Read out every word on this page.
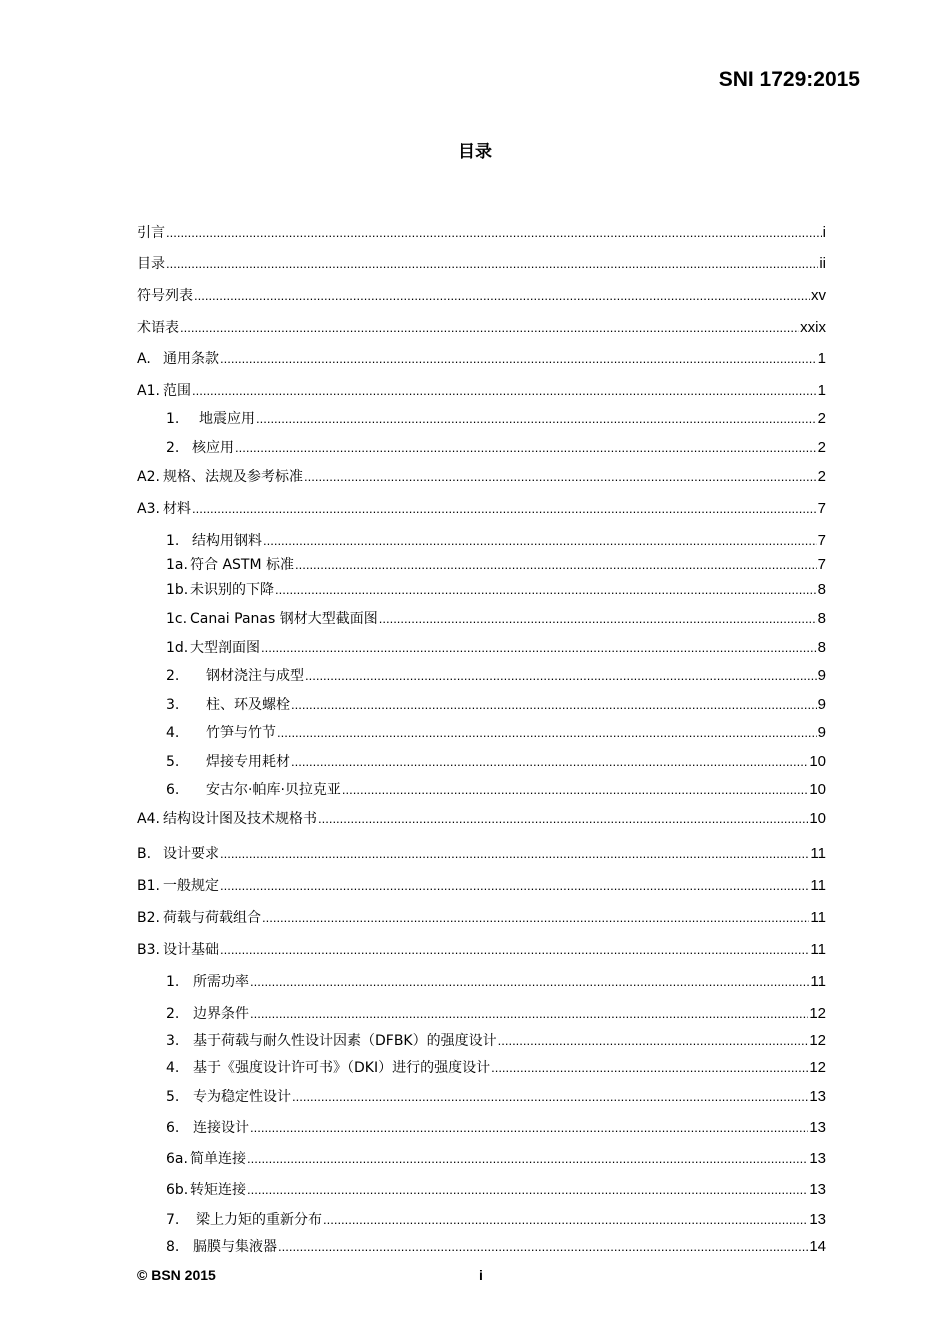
SNI 1729:2015
目录
引言 .....	i
目录 .....	ii
符号列表 .....	xv
术语表 .....	xxix
A. 通用条款 .....	1
A1. 范围 .....	1
1.	地震应用 .....	2
2. 核应用 .....	2
A2. 规格、法规及参考标准 .....	2
A3. 材料 .....	7
1. 结构用钢料 .....	7
1a. 符合 ASTM 标准 .....	7
1b. 未识别的下降 .....	8
1c. Canai Panas 钢材大型截面图 .....	8
1d. 大型剖面图 .....	8
2.	钢材浇注与成型 .....	9
3.	柱、环及螺栓 .....	9
4.	竹笋与竹节 .....	9
5.	焊接专用耗材 .....	10
6.	安古尔·帕库·贝拉克亚 .....	10
A4. 结构设计图及技术规格书 .....	10
B. 设计要求 .....	11
B1. 一般规定 .....	11
B2. 荷载与荷载组合 .....	11
B3. 设计基础 .....	11
1. 所需功率 .....	11
2. 边界条件 .....	12
3. 基于荷载与耐久性设计因素（DFBK）的强度设计 .....	12
4. 基于《强度设计许可书》（DKI）进行的强度设计 .....	12
5. 专为稳定性设计 .....	13
6. 连接设计 .....	13
6a. 简单连接 .....	13
6b. 转矩连接 .....	13
7.	梁上力矩的重新分布 .....	13
8. 膈膜与集液器 .....	14
© BSN 2015	i
